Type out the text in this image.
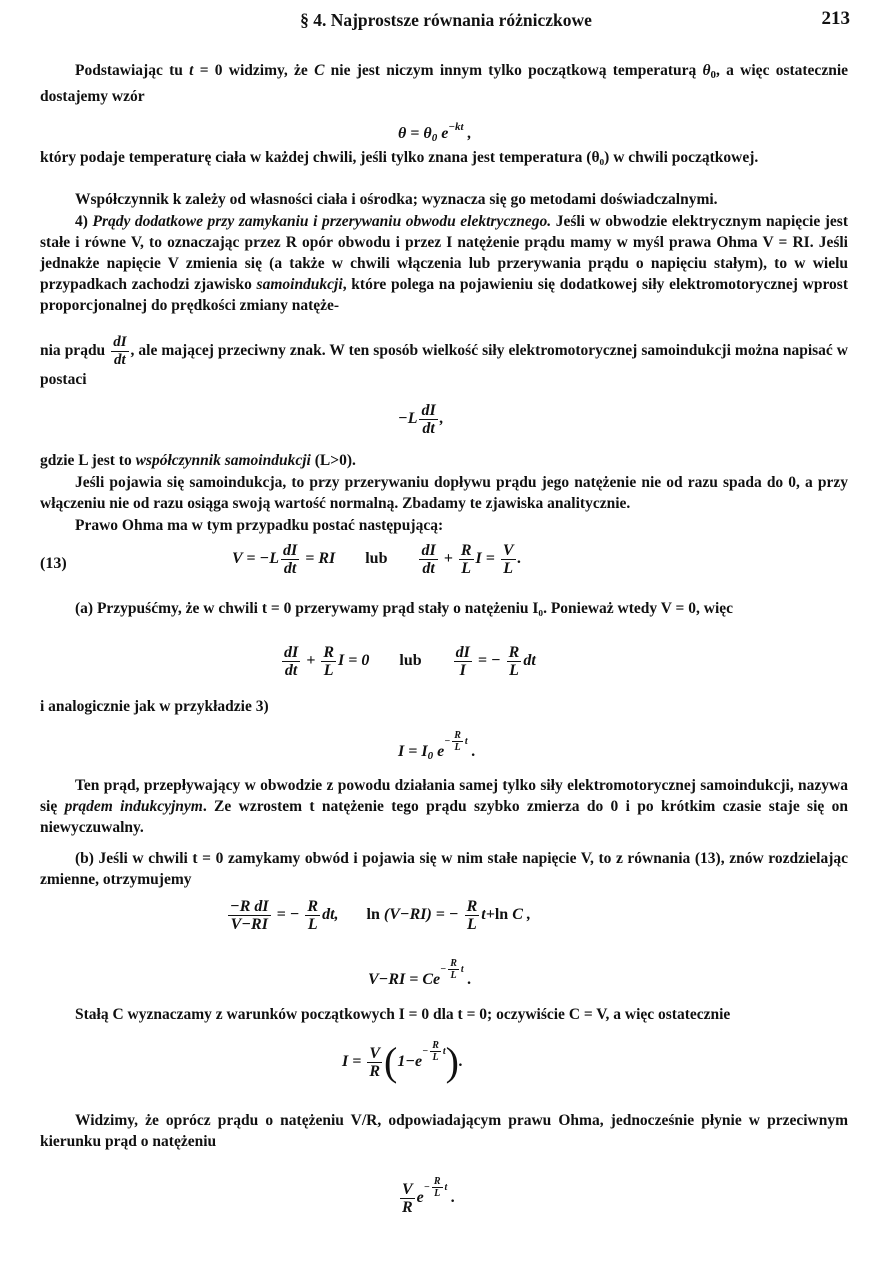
§ 4. Najprostsze równania różniczkowe	213

Podstawiając tu t = 0 widzimy, że C nie jest niczym innym tylko początkową temperaturą $\theta_0$, a więc ostatecznie dostajemy wzór

$\theta = \theta_0$ $e^{-kt}$ ,

który podaje temperaturę ciała w każdej chwili, jeśli tylko znana jest temperatura (θ₀) w chwili początkowej.

Współczynnik k zależy od własności ciała i ośrodka; wyznacza się go metodami doświadczalnymi.

4) Prądy dodatkowe przy zamykaniu i przerywaniu obwodu elektrycznego. Jeśli w obwodzie elektrycznym napięcie jest stałe i równe V, to oznaczając przez R opór obwodu i przez I natężenie prądu mamy w myśl prawa Ohma V = RI. Jeśli jednakże napięcie V zmienia się (a także w chwili włączenia lub przerywania prądu o napięciu stałym), to w wielu przypadkach zachodzi zjawisko samoindukcji, które polega na pojawieniu się dodatkowej siły elektromotorycznej wprost proporcjonalnej do prędkości zmiany natęże-

nia prądu $\frac{dI}{dt}$ , ale mającej przeciwny znak. W ten sposób wielkość siły elektromotorycznej samoindukcji można napisać w postaci

$-L \frac{dI}{dt}$ ,

gdzie L jest to współczynnik samoindukcji (L>0).

Jeśli pojawia się samoindukcja, to przy przerywaniu dopływu prądu jego natężenie nie od razu spada do 0, a przy włączeniu nie od razu osiąga swoją wartość normalną. Zbadamy te zjawiska analitycznie.

Prawo Ohma ma w tym przypadku postać następującą:

(13)	$V = -L \frac{dI}{dt}$ = RI lub $\frac{dI}{dt} + \frac{R}{L}$ $I = \frac{V}{L}$ .

(a) Przypuśćmy, że w chwili t = 0 przerywamy prąd stały o natężeniu I₀. Ponieważ wtedy V = 0, więc

$\frac{dI}{dt} + \frac{R}{L}$ I = 0 lub $\frac{dI}{I}$ = − $\frac{R}{L}$ dt

i analogicznie jak w przykładzie 3)

$I = I_0$ $e^{- \frac{R}{L} t}$ .

Ten prąd, przepływający w obwodzie z powodu działania samej tylko siły elektromotorycznej samoindukcji, nazywa się prądem indukcyjnym. Ze wzrostem t natężenie tego prądu szybko zmierza do 0 i po krótkim czasie staje się on niewyczuwalny.

(b) Jeśli w chwili t = 0 zamykamy obwód i pojawia się w nim stałe napięcie V, to z równania (13), znów rozdzielając zmienne, otrzymujemy

$\frac{\text{−R dI}}{V-RI}$ = − $\frac{R}{L}$ dt, ln (V−RI) = − $\frac{R}{L} t+\ln$ C ,
$V-RI = Ce^{- \frac{R}{L} t}$ .

Stałą C wyznaczamy z warunków początkowych I = 0 dla t = 0; oczywiście C = V, a więc ostatecznie

$I = \frac{V}{R} (1-e^{- \frac{R}{L} t})$.

Widzimy, że oprócz prądu o natężeniu V/R, odpowiadającym prawu Ohma, jednocześnie płynie w przeciwnym kierunku prąd o natężeniu

$\frac{V}{R} e^{- \frac{R}{L} t}$ .
